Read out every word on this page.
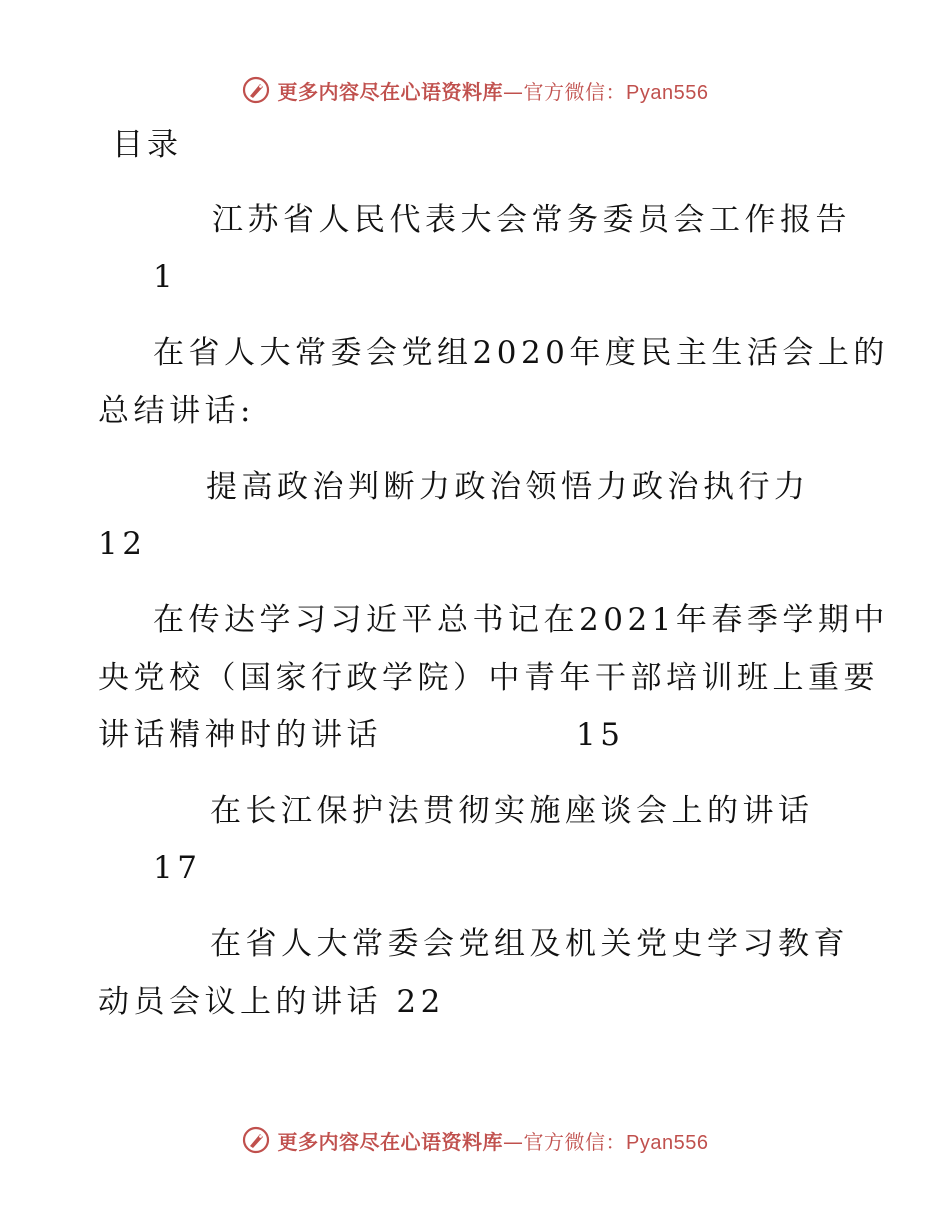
更多内容尽在心语资料库—官方微信：Pyan556
目录
江苏省人民代表大会常务委员会工作报告
1
在省人大常委会党组2020年度民主生活会上的
总结讲话:
提高政治判断力政治领悟力政治执行力
12
在传达学习习近平总书记在2021年春季学期中
央党校（国家行政学院）中青年干部培训班上重要
讲话精神时的讲话	15
在长江保护法贯彻实施座谈会上的讲话
17
在省人大常委会党组及机关党史学习教育
动员会议上的讲话 22
更多内容尽在心语资料库—官方微信：Pyan556
